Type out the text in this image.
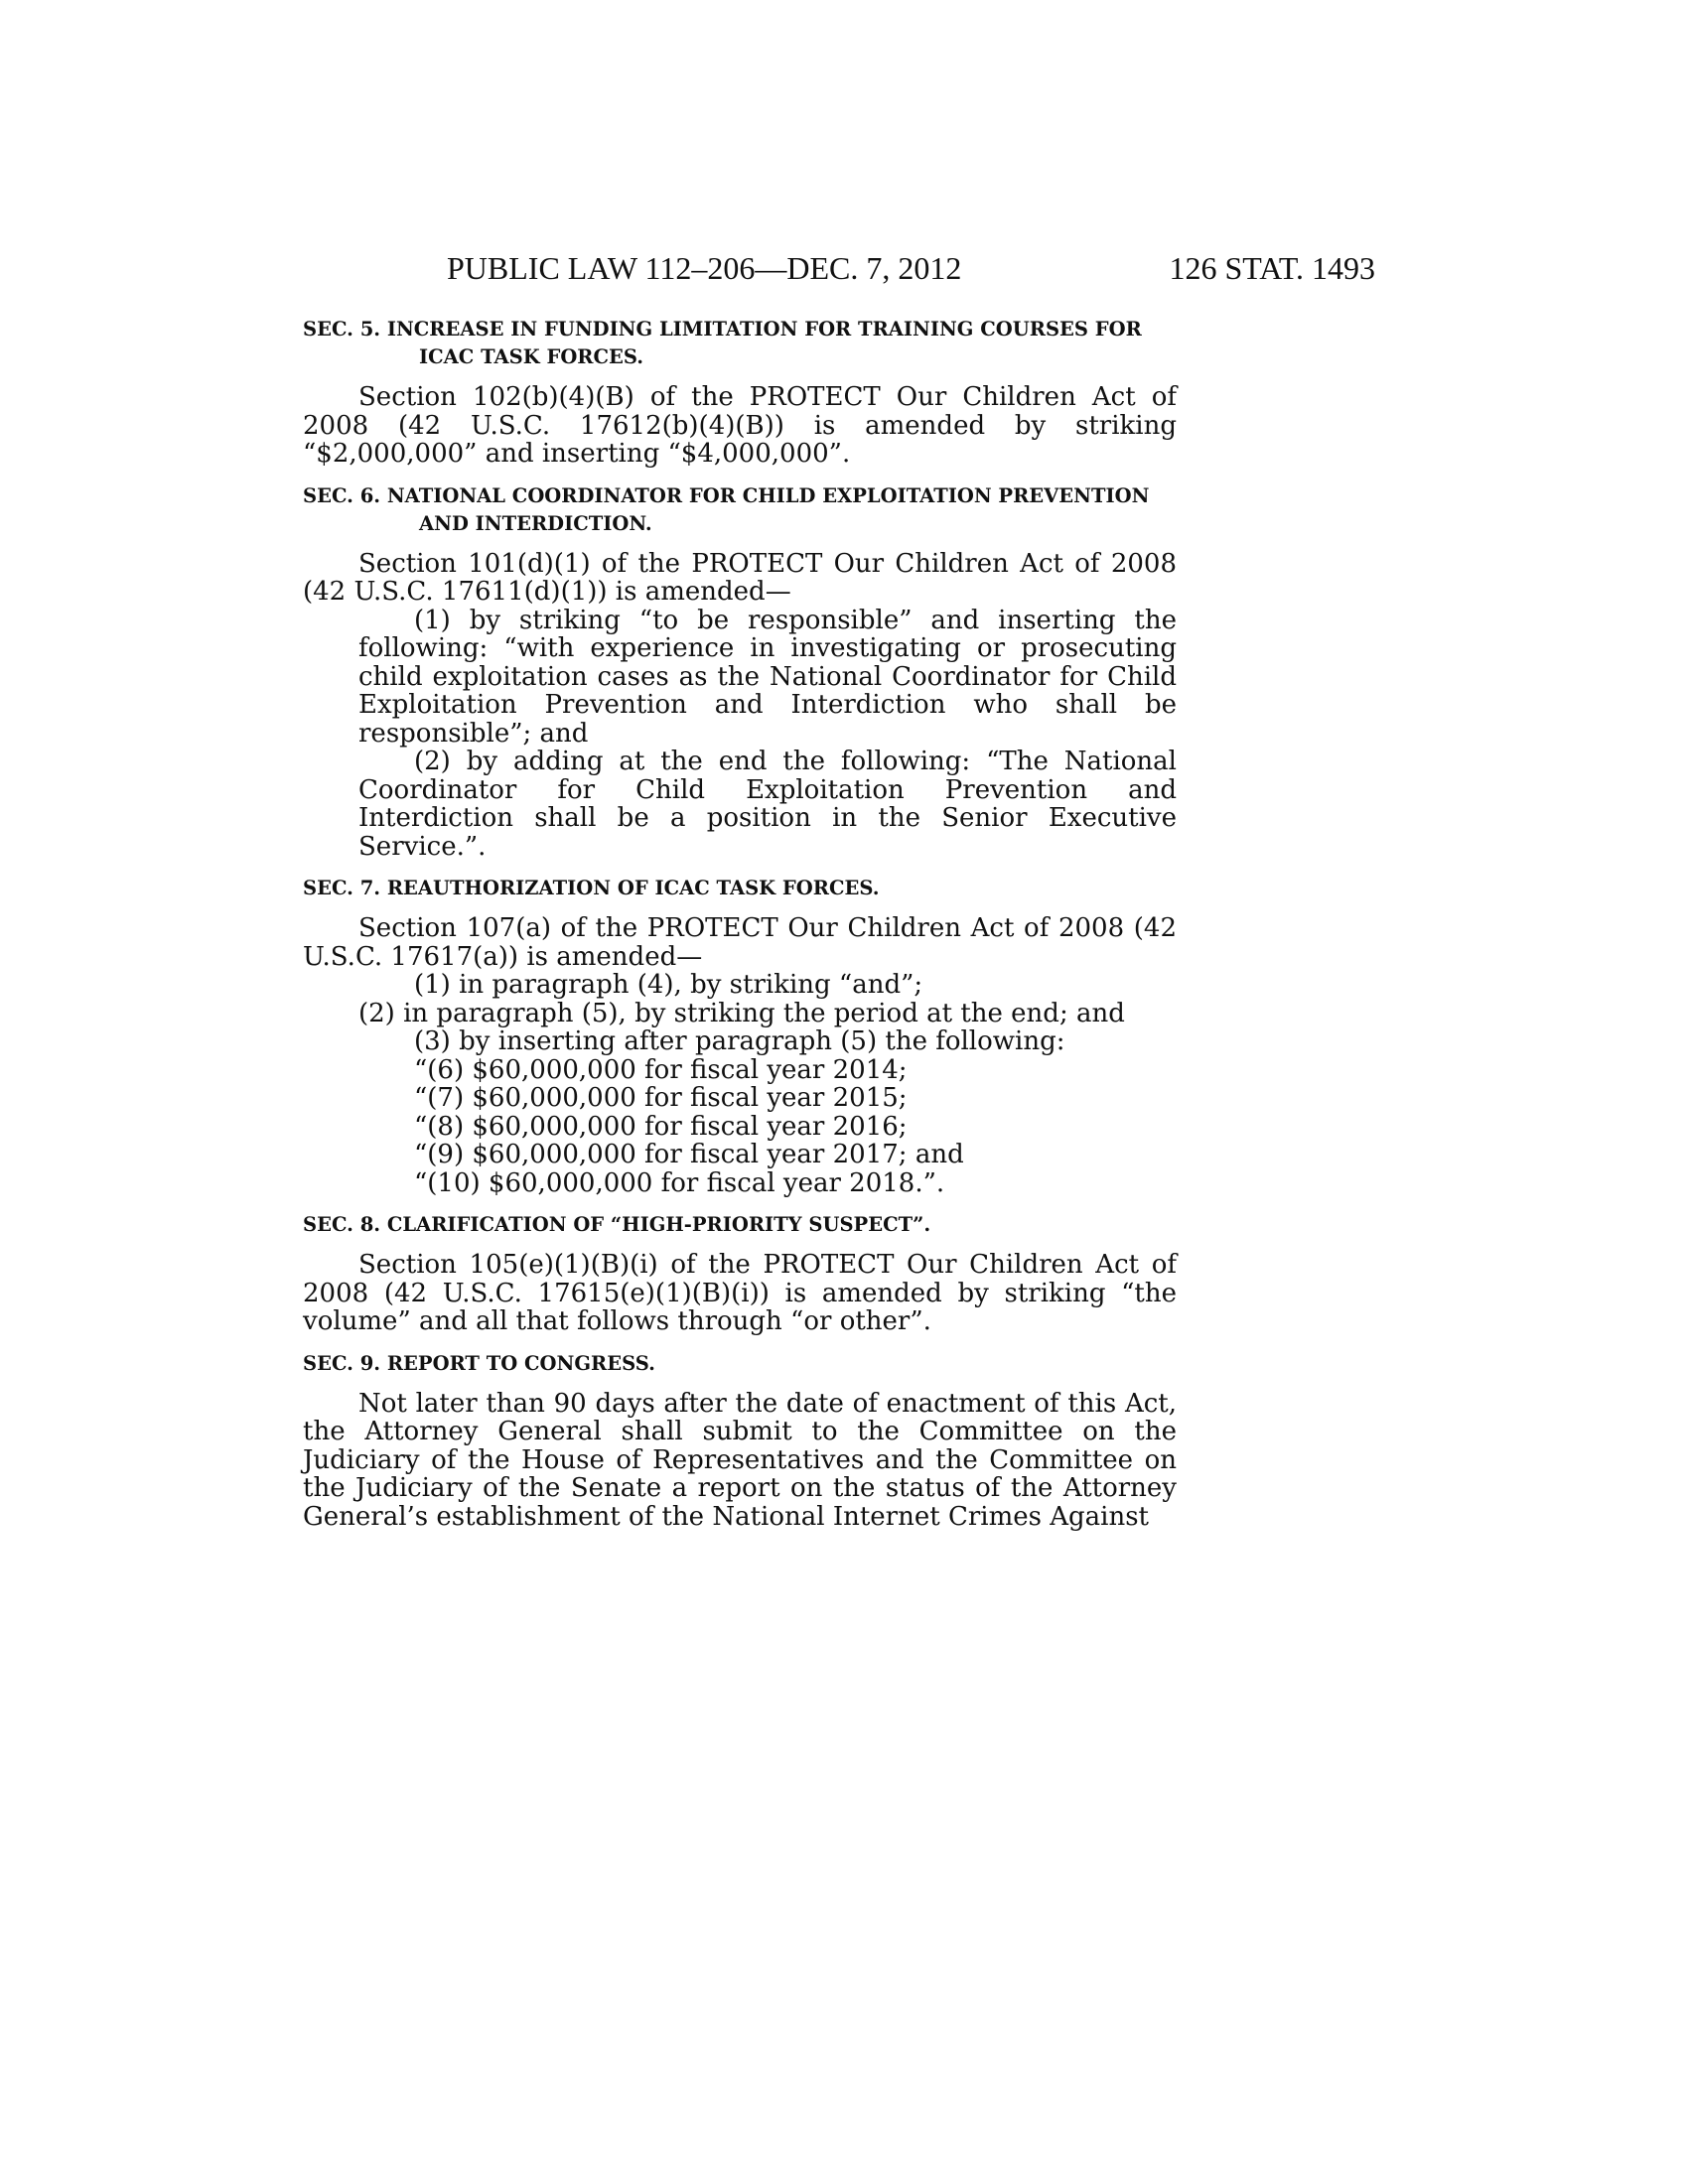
PUBLIC LAW 112–206—DEC. 7, 2012	126 STAT. 1493

SEC. 5. INCREASE IN FUNDING LIMITATION FOR TRAINING COURSES FOR ICAC TASK FORCES.

Section 102(b)(4)(B) of the PROTECT Our Children Act of 2008 (42 U.S.C. 17612(b)(4)(B)) is amended by striking “$2,000,000” and inserting “$4,000,000”.

SEC. 6. NATIONAL COORDINATOR FOR CHILD EXPLOITATION PREVENTION AND INTERDICTION.

Section 101(d)(1) of the PROTECT Our Children Act of 2008 (42 U.S.C. 17611(d)(1)) is amended—

(1) by striking “to be responsible” and inserting the following: “with experience in investigating or prosecuting child exploitation cases as the National Coordinator for Child Exploitation Prevention and Interdiction who shall be responsible”; and

(2) by adding at the end the following: “The National Coordinator for Child Exploitation Prevention and Interdiction shall be a position in the Senior Executive Service.”.

SEC. 7. REAUTHORIZATION OF ICAC TASK FORCES.

Section 107(a) of the PROTECT Our Children Act of 2008 (42 U.S.C. 17617(a)) is amended—

(1) in paragraph (4), by striking “and”;

(2) in paragraph (5), by striking the period at the end; and

(3) by inserting after paragraph (5) the following:

“(6) $60,000,000 for fiscal year 2014;

“(7) $60,000,000 for fiscal year 2015;

“(8) $60,000,000 for fiscal year 2016;

“(9) $60,000,000 for fiscal year 2017; and

“(10) $60,000,000 for fiscal year 2018.”.

SEC. 8. CLARIFICATION OF “HIGH-PRIORITY SUSPECT”.

Section 105(e)(1)(B)(i) of the PROTECT Our Children Act of 2008 (42 U.S.C. 17615(e)(1)(B)(i)) is amended by striking “the volume” and all that follows through “or other”.

SEC. 9. REPORT TO CONGRESS.

Not later than 90 days after the date of enactment of this Act, the Attorney General shall submit to the Committee on the Judiciary of the House of Representatives and the Committee on the Judiciary of the Senate a report on the status of the Attorney General’s establishment of the National Internet Crimes Against
